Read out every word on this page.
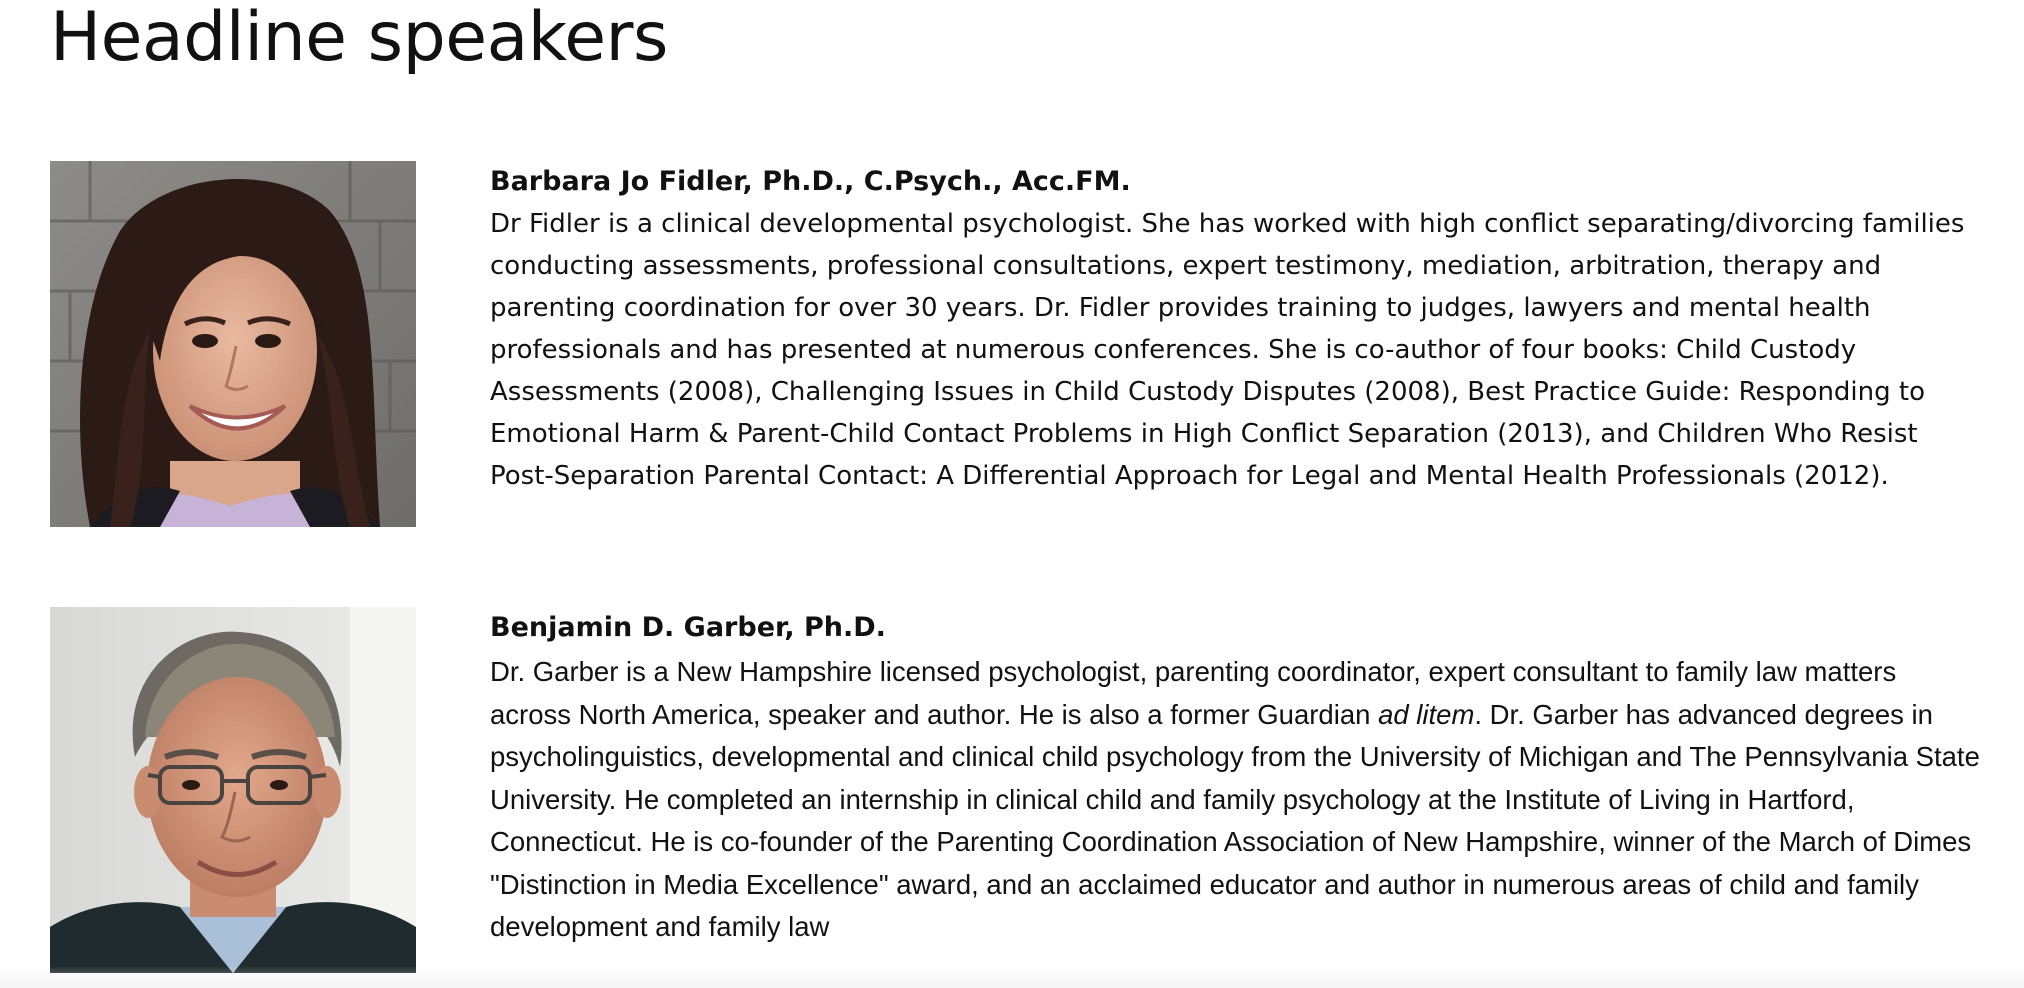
Headline speakers

Barbara Jo Fidler, Ph.D., C.Psych., Acc.FM.

Dr Fidler is a clinical developmental psychologist. She has worked with high conflict separating/divorcing families conducting assessments, professional consultations, expert testimony, mediation, arbitration, therapy and parenting coordination for over 30 years. Dr. Fidler provides training to judges, lawyers and mental health professionals and has presented at numerous conferences. She is co-author of four books: Child Custody Assessments (2008), Challenging Issues in Child Custody Disputes (2008), Best Practice Guide: Responding to Emotional Harm & Parent-Child Contact Problems in High Conflict Separation (2013), and Children Who Resist Post-Separation Parental Contact: A Differential Approach for Legal and Mental Health Professionals (2012).

Benjamin D. Garber, Ph.D.

Dr. Garber is a New Hampshire licensed psychologist, parenting coordinator, expert consultant to family law matters across North America, speaker and author. He is also a former Guardian ad litem. Dr. Garber has advanced degrees in psycholinguistics, developmental and clinical child psychology from the University of Michigan and The Pennsylvania State University. He completed an internship in clinical child and family psychology at the Institute of Living in Hartford, Connecticut. He is co-founder of the Parenting Coordination Association of New Hampshire, winner of the March of Dimes "Distinction in Media Excellence" award, and an acclaimed educator and author in numerous areas of child and family development and family law
